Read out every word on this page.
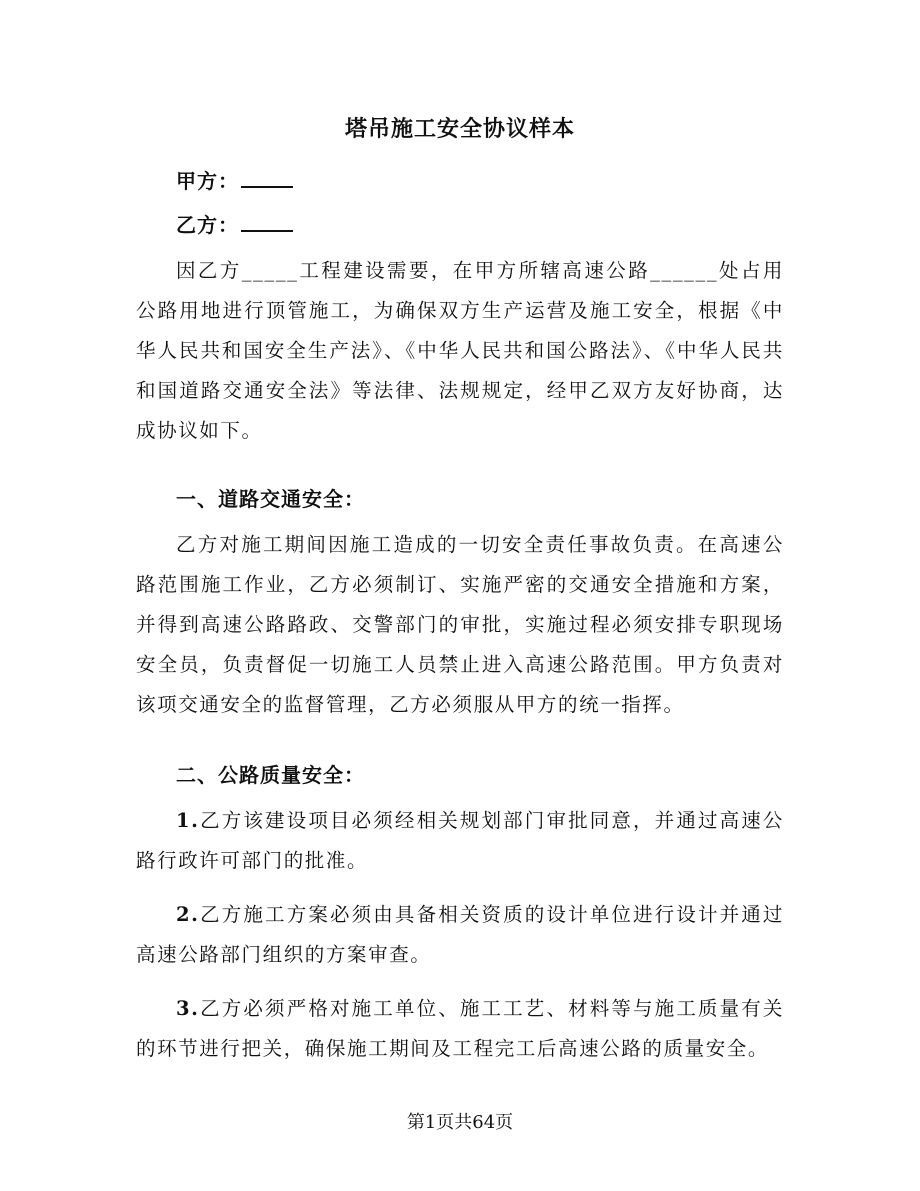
塔吊施工安全协议样本
甲方：
乙方：
因乙方_____工程建设需要，在甲方所辖高速公路______处占用公路用地进行顶管施工，为确保双方生产运营及施工安全，根据《中华人民共和国安全生产法》、《中华人民共和国公路法》、《中华人民共和国道路交通安全法》等法律、法规规定，经甲乙双方友好协商，达成协议如下。
一、道路交通安全：
乙方对施工期间因施工造成的一切安全责任事故负责。在高速公路范围施工作业，乙方必须制订、实施严密的交通安全措施和方案，并得到高速公路路政、交警部门的审批，实施过程必须安排专职现场安全员，负责督促一切施工人员禁止进入高速公路范围。甲方负责对该项交通安全的监督管理，乙方必须服从甲方的统一指挥。
二、公路质量安全：
1.乙方该建设项目必须经相关规划部门审批同意，并通过高速公路行政许可部门的批准。
2.乙方施工方案必须由具备相关资质的设计单位进行设计并通过高速公路部门组织的方案审查。
3.乙方必须严格对施工单位、施工工艺、材料等与施工质量有关的环节进行把关，确保施工期间及工程完工后高速公路的质量安全。
第1页共64页
